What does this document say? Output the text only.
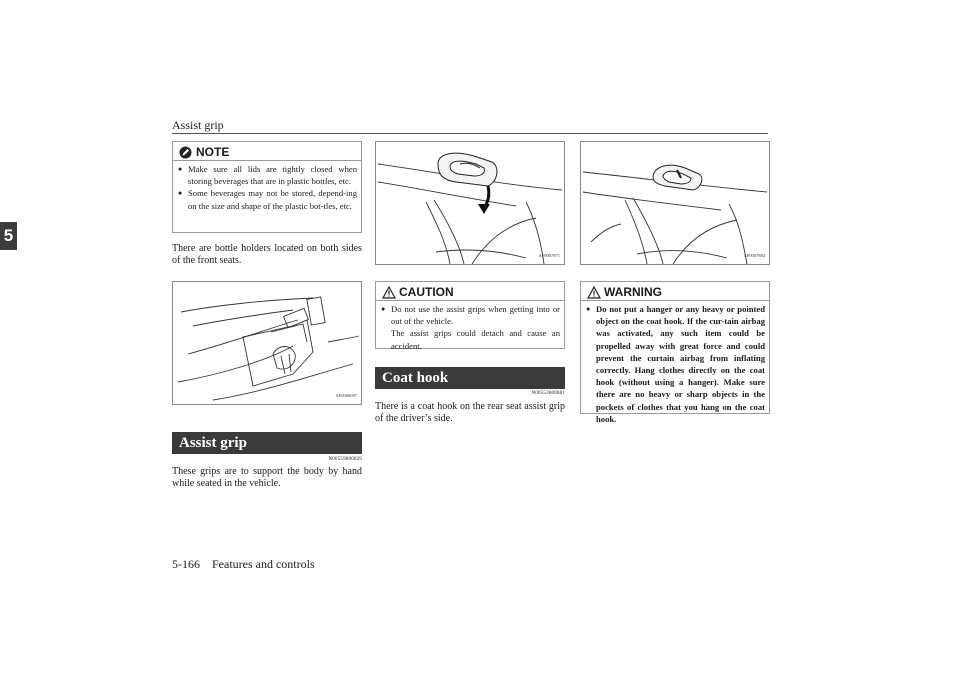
Assist grip
5
NOTE
● Make sure all lids are tightly closed when storing beverages that are in plastic bottles, etc.
● Some beverages may not be stored, depend-ing on the size and shape of the plastic bot-tles, etc.
There are bottle holders located on both sides of the front seats.
AF0006097
Assist grip
N00559000029
These grips are to support the body by hand while seated in the vehicle.
AF0007871
CAUTION
● Do not use the assist grips when getting into or out of the vehicle.
The assist grips could detach and cause an accident.
Coat hook
N00553600081
There is a coat hook on the rear seat assist grip of the driver’s side.
AF0007884
WARNING
● Do not put a hanger or any heavy or pointed object on the coat hook. If the cur-tain airbag was activated, any such item could be propelled away with great force and could prevent the curtain airbag from inflating correctly. Hang clothes directly on the coat hook (without using a hanger). Make sure there are no heavy or sharp objects in the pockets of clothes that you hang on the coat hook.
5-166 Features and controls
